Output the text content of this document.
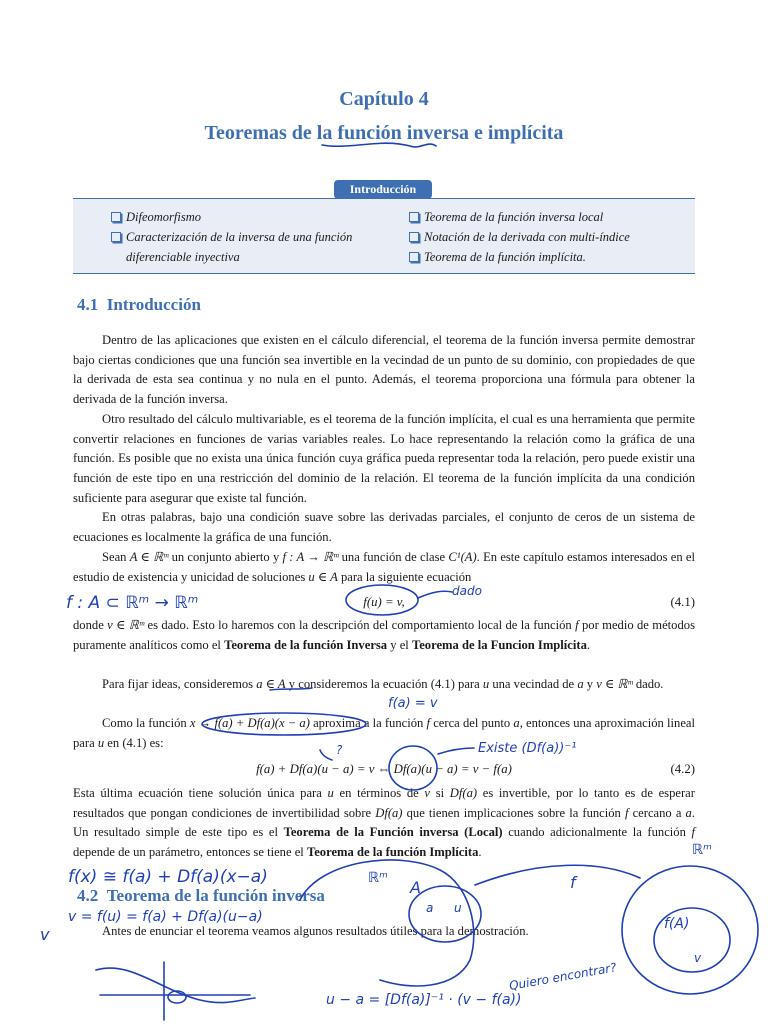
Capítulo 4
Teoremas de la función inversa e implícita
Introducción
Difeomorfismo
Caracterización de la inversa de una función diferenciable inyectiva
Teorema de la función inversa local
Notación de la derivada con multi-índice
Teorema de la función implícita.
4.1 Introducción
Dentro de las aplicaciones que existen en el cálculo diferencial, el teorema de la función inversa permite demostrar bajo ciertas condiciones que una función sea invertible en la vecindad de un punto de su dominio, con propiedades de que la derivada de esta sea continua y no nula en el punto. Además, el teorema proporciona una fórmula para obtener la derivada de la función inversa.
Otro resultado del cálculo multivariable, es el teorema de la función implícita, el cual es una herramienta que permite convertir relaciones en funciones de varias variables reales. Lo hace representando la relación como la gráfica de una función. Es posible que no exista una única función cuya gráfica pueda representar toda la relación, pero puede existir una función de este tipo en una restricción del dominio de la relación. El teorema de la función implícita da una condición suficiente para asegurar que existe tal función.
En otras palabras, bajo una condición suave sobre las derivadas parciales, el conjunto de ceros de un sistema de ecuaciones es localmente la gráfica de una función.
Sean A ∈ ℝᵐ un conjunto abierto y f : A → ℝᵐ una función de clase C¹(A). En este capítulo estamos interesados en el estudio de existencia y unicidad de soluciones u ∈ A para la siguiente ecuación
f(u) = v,	(4.1)
donde v ∈ ℝᵐ es dado. Esto lo haremos con la descripción del comportamiento local de la función f por medio de métodos puramente analíticos como el Teorema de la función Inversa y el Teorema de la Funcion Implícita.
Para fijar ideas, consideremos a ∈ A y consideremos la ecuación (4.1) para u una vecindad de a y v ∈ ℝᵐ dado.
Como la función x → f(a) + Df(a)(x − a) aproxima a la función f cerca del punto a, entonces una aproximación lineal para u en (4.1) es:
f(a) + Df(a)(u − a) = v ⇔ Df(a)(u − a) = v − f(a)	(4.2)
Esta última ecuación tiene solución única para u en términos de v si Df(a) es invertible, por lo tanto es de esperar resultados que pongan condiciones de invertibilidad sobre Df(a) que tienen implicaciones sobre la función f cercano a a. Un resultado simple de este tipo es el Teorema de la Función inversa (Local) cuando adicionalmente la función f depende de un parámetro, entonces se tiene el Teorema de la función Implícita.
4.2 Teorema de la función inversa
Antes de enunciar el teorema veamos algunos resultados útiles para la demostración.
f : A ⊂ ℝᵐ → ℝᵐ
dado
f(a) = v
?	Existe (Df(a))⁻¹
f(x) ≅ f(a) + Df(a)(x−a)
v = f(u) = f(a) + Df(a)(u−a)
v
u − a = [Df(a)]⁻¹ · (v − f(a))
Quiero encontrar?
ℝᵐ A
a u
f
ℝᵐ
f(A)
v
